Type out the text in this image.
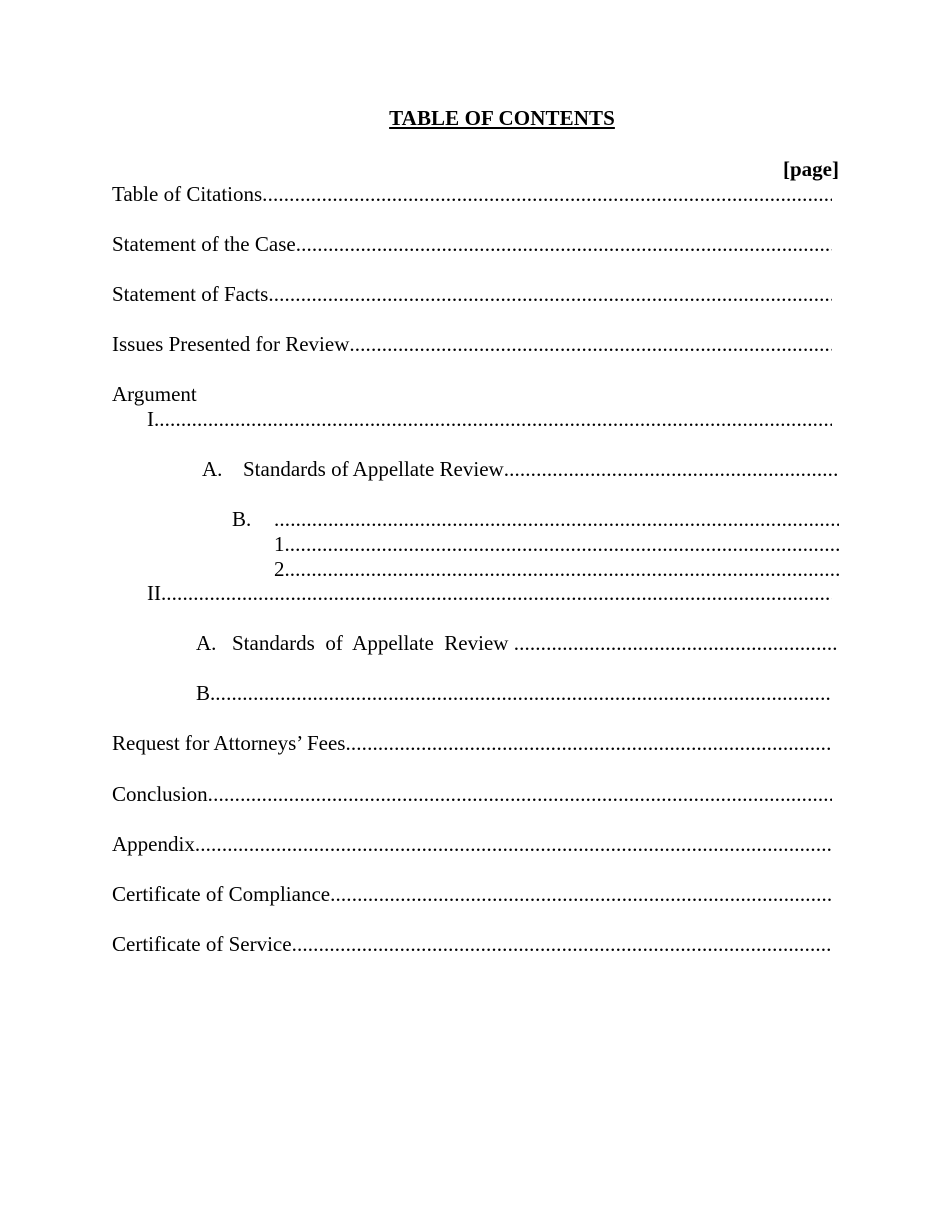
TABLE OF CONTENTS
[page]
Table of Citations
.....
Statement of the Case
.....
Statement of Facts
.....
Issues Presented for Review
.....
Argument
I.
.....
A. Standards of Appellate Review
.....
B.
.....
1.
.....
2.
.....
II.
.....
A. Standards  of  Appellate  Review
.....
B.
.....
Request for Attorneys’ Fees
.....
Conclusion
.....
Appendix
.....
Certificate of Compliance
.....
Certificate of Service
.....
